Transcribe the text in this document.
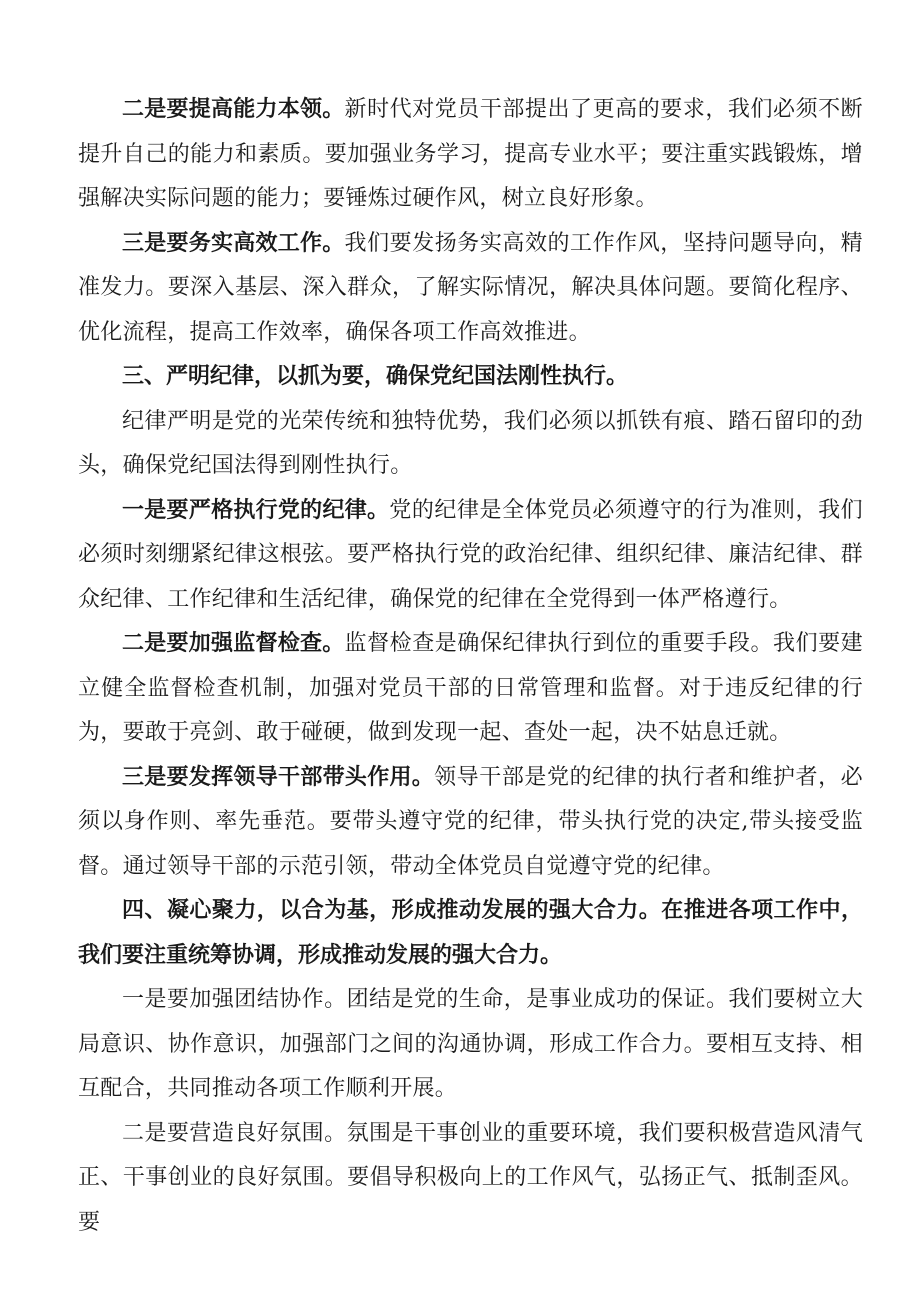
二是要提高能力本领。新时代对党员干部提出了更高的要求，我们必须不断提升自己的能力和素质。要加强业务学习，提高专业水平；要注重实践锻炼，增强解决实际问题的能力；要锤炼过硬作风，树立良好形象。

三是要务实高效工作。我们要发扬务实高效的工作作风，坚持问题导向，精准发力。要深入基层、深入群众，了解实际情况，解决具体问题。要简化程序、优化流程，提高工作效率，确保各项工作高效推进。

三、严明纪律，以抓为要，确保党纪国法刚性执行。

纪律严明是党的光荣传统和独特优势，我们必须以抓铁有痕、踏石留印的劲头，确保党纪国法得到刚性执行。

一是要严格执行党的纪律。党的纪律是全体党员必须遵守的行为准则，我们必须时刻绷紧纪律这根弦。要严格执行党的政治纪律、组织纪律、廉洁纪律、群众纪律、工作纪律和生活纪律，确保党的纪律在全党得到一体严格遵行。

二是要加强监督检查。监督检查是确保纪律执行到位的重要手段。我们要建立健全监督检查机制，加强对党员干部的日常管理和监督。对于违反纪律的行为，要敢于亮剑、敢于碰硬，做到发现一起、查处一起，决不姑息迁就。

三是要发挥领导干部带头作用。领导干部是党的纪律的执行者和维护者，必须以身作则、率先垂范。要带头遵守党的纪律，带头执行党的决定,带头接受监督。通过领导干部的示范引领，带动全体党员自觉遵守党的纪律。

四、凝心聚力，以合为基，形成推动发展的强大合力。在推进各项工作中，我们要注重统筹协调，形成推动发展的强大合力。

一是要加强团结协作。团结是党的生命，是事业成功的保证。我们要树立大局意识、协作意识，加强部门之间的沟通协调，形成工作合力。要相互支持、相互配合，共同推动各项工作顺利开展。

二是要营造良好氛围。氛围是干事创业的重要环境，我们要积极营造风清气正、干事创业的良好氛围。要倡导积极向上的工作风气，弘扬正气、抵制歪风。要
